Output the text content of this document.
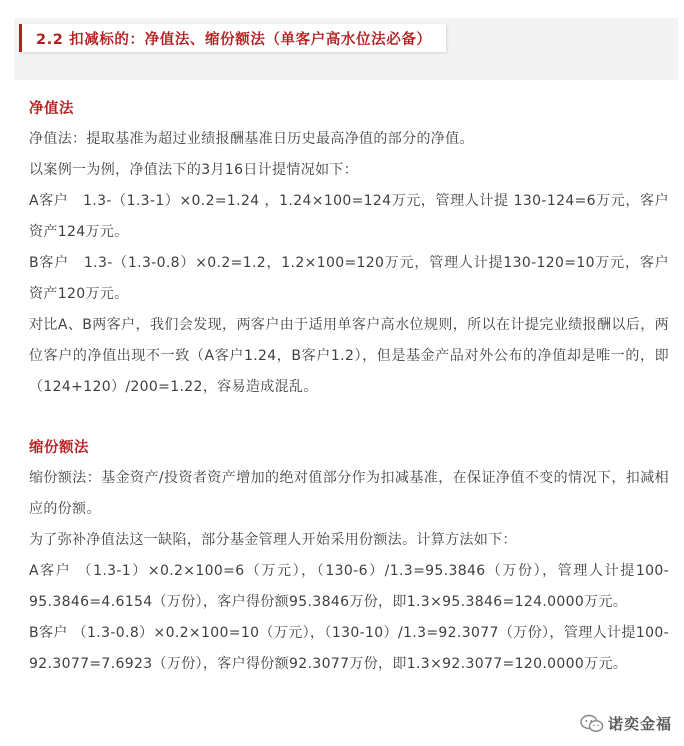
2.2 扣减标的：净值法、缩份额法（单客户高水位法必备）
净值法
净值法：提取基准为超过业绩报酬基准日历史最高净值的部分的净值。
以案例一为例，净值法下的3月16日计提情况如下：
A客户　1.3-（1.3-1）×0.2=1.24 ，1.24×100=124万元，管理人计提 130-124=6万元，客户资产124万元。
B客户　1.3-（1.3-0.8）×0.2=1.2，1.2×100=120万元，管理人计提130-120=10万元，客户资产120万元。
对比A、B两客户，我们会发现，两客户由于适用单客户高水位规则，所以在计提完业绩报酬以后，两位客户的净值出现不一致（A客户1.24，B客户1.2），但是基金产品对外公布的净值却是唯一的，即（124+120）/200=1.22，容易造成混乱。
缩份额法
缩份额法：基金资产/投资者资产增加的绝对值部分作为扣减基准，在保证净值不变的情况下，扣减相应的份额。
为了弥补净值法这一缺陷，部分基金管理人开始采用份额法。计算方法如下：
A客户 （1.3-1）×0.2×100=6（万元），（130-6）/1.3=95.3846（万份），管理人计提100-95.3846=4.6154（万份），客户得份额95.3846万份，即1.3×95.3846=124.0000万元。
B客户 （1.3-0.8）×0.2×100=10（万元），（130-10）/1.3=92.3077（万份），管理人计提100-92.3077=7.6923（万份），客户得份额92.3077万份，即1.3×92.3077=120.0000万元。
诺奕金福
